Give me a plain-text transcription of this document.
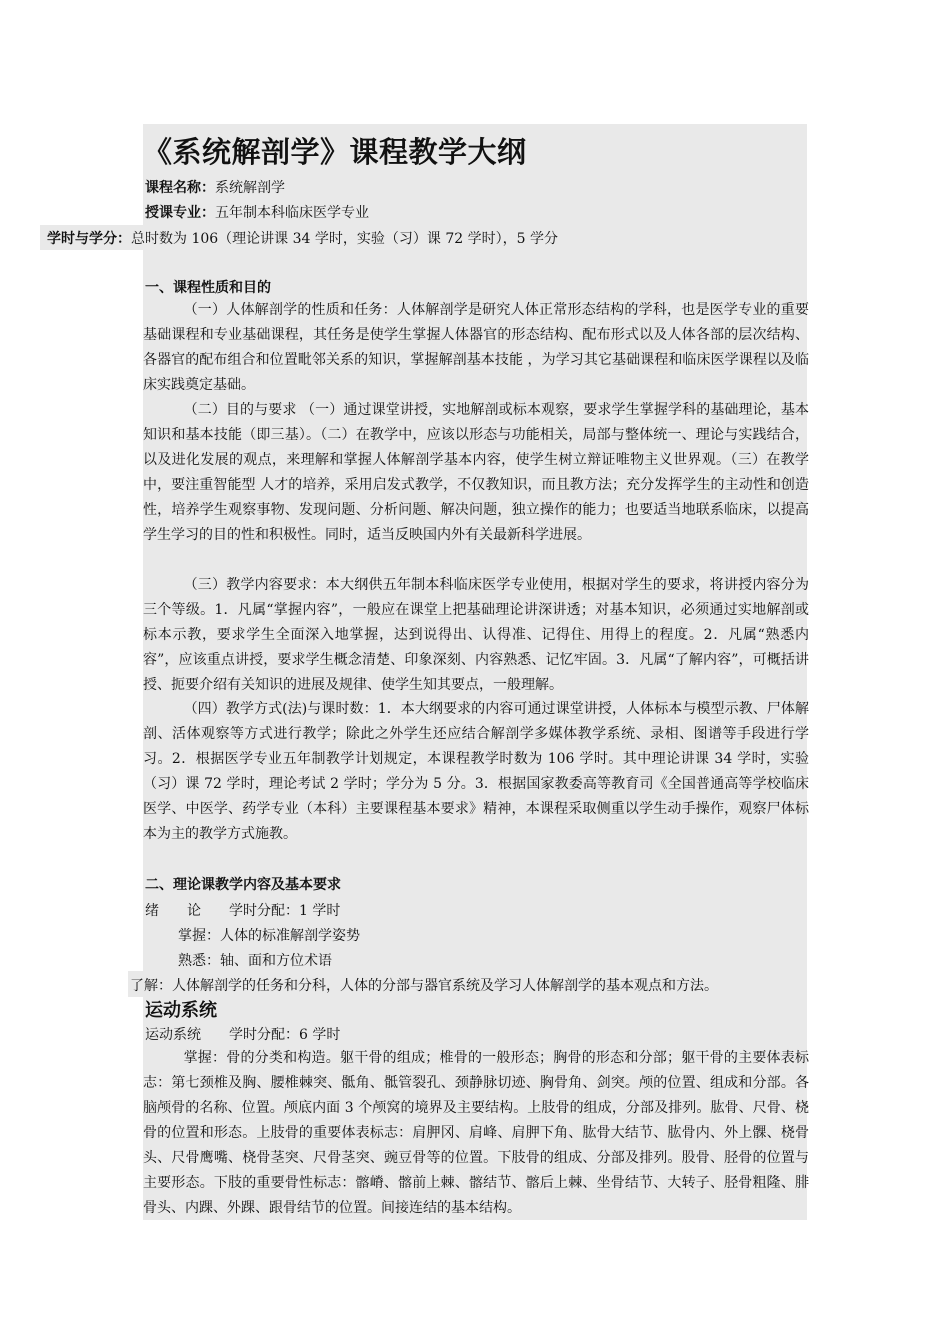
《系统解剖学》课程教学大纲
课程名称：系统解剖学
授课专业：五年制本科临床医学专业
学时与学分：总时数为 106（理论讲课 34 学时，实验（习）课 72 学时），5 学分
一、课程性质和目的
（一）人体解剖学的性质和任务：人体解剖学是研究人体正常形态结构的学科，也是医学专业的重要基础课程和专业基础课程，其任务是使学生掌握人体器官的形态结构、配布形式以及人体各部的层次结构、各器官的配布组合和位置毗邻关系的知识，掌握解剖基本技能 ，为学习其它基础课程和临床医学课程以及临床实践奠定基础。
（二）目的与要求 （一）通过课堂讲授，实地解剖或标本观察，要求学生掌握学科的基础理论，基本知识和基本技能（即三基）。（二）在教学中，应该以形态与功能相关，局部与整体统一、理论与实践结合，以及进化发展的观点，来理解和掌握人体解剖学基本内容，使学生树立辩证唯物主义世界观。（三）在教学中，要注重智能型 人才的培养，采用启发式教学，不仅教知识，而且教方法；充分发挥学生的主动性和创造性，培养学生观察事物、发现问题、分析问题、解决问题，独立操作的能力；也要适当地联系临床，以提高学生学习的目的性和积极性。同时，适当反映国内外有关最新科学进展。
（三）教学内容要求：本大纲供五年制本科临床医学专业使用，根据对学生的要求，将讲授内容分为三个等级。1．凡属“掌握内容”，一般应在课堂上把基础理论讲深讲透；对基本知识，必须通过实地解剖或标本示教，要求学生全面深入地掌握，达到说得出、认得准、记得住、用得上的程度。2．凡属“熟悉内容”，应该重点讲授，要求学生概念清楚、印象深刻、内容熟悉、记忆牢固。3．凡属“了解内容”，可概括讲授、扼要介绍有关知识的进展及规律、使学生知其要点，一般理解。
（四）教学方式(法)与课时数：1．本大纲要求的内容可通过课堂讲授，人体标本与模型示教、尸体解剖、活体观察等方式进行教学；除此之外学生还应结合解剖学多媒体教学系统、录相、图谱等手段进行学习。2．根据医学专业五年制教学计划规定，本课程教学时数为 106 学时。其中理论讲课 34 学时，实验（习）课 72 学时，理论考试 2 学时；学分为 5 分。3．根据国家教委高等教育司《全国普通高等学校临床医学、中医学、药学专业（本科）主要课程基本要求》精神，本课程采取侧重以学生动手操作，观察尸体标本为主的教学方式施教。
二、理论课教学内容及基本要求
绪　　论　　学时分配：1 学时
掌握：人体的标准解剖学姿势
熟悉：轴、面和方位术语
了解：人体解剖学的任务和分科，人体的分部与器官系统及学习人体解剖学的基本观点和方法。
运动系统
运动系统　　学时分配：6 学时
掌握：骨的分类和构造。躯干骨的组成；椎骨的一般形态；胸骨的形态和分部；躯干骨的主要体表标志：第七颈椎及胸、腰椎棘突、骶角、骶管裂孔、颈静脉切迹、胸骨角、剑突。颅的位置、组成和分部。各脑颅骨的名称、位置。颅底内面 3 个颅窝的境界及主要结构。上肢骨的组成，分部及排列。肱骨、尺骨、桡骨的位置和形态。上肢骨的重要体表标志：肩胛冈、肩峰、肩胛下角、肱骨大结节、肱骨内、外上髁、桡骨头、尺骨鹰嘴、桡骨茎突、尺骨茎突、豌豆骨等的位置。下肢骨的组成、分部及排列。股骨、胫骨的位置与主要形态。下肢的重要骨性标志：髂嵴、髂前上棘、髂结节、髂后上棘、坐骨结节、大转子、胫骨粗隆、腓骨头、内踝、外踝、跟骨结节的位置。间接连结的基本结构。
